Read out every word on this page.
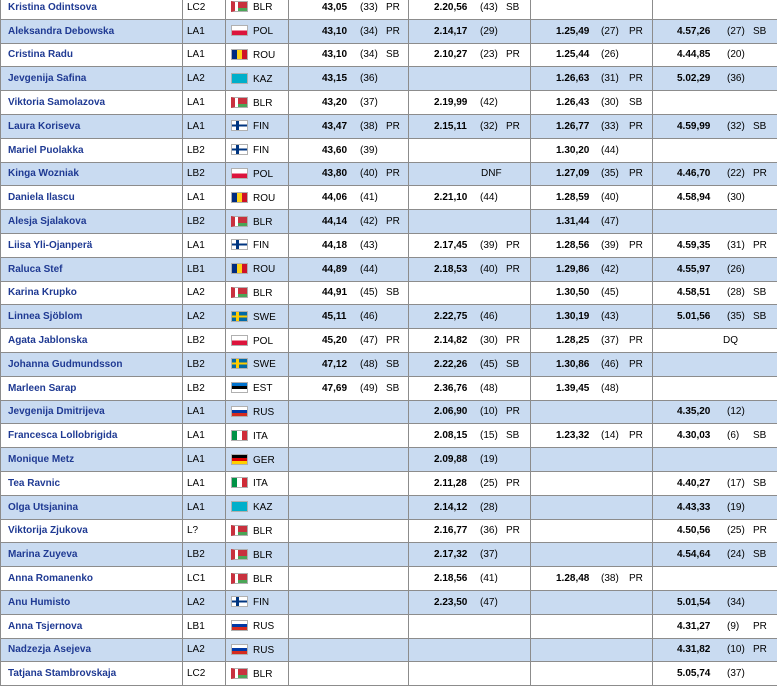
Kristina Odintsova	LC2	BLR	43,05 (33) PR	2.20,56 (43) SB		

Aleksandra Debowska	LA1	POL	43,10 (34) PR	2.14,17 (29)	1.25,49 (27) PR	4.57,26 (27) SB

Cristina Radu	LA1	ROU	43,10 (34) SB	2.10,27 (23) PR	1.25,44 (26)	4.44,85 (20)

Jevgenija Safina	LA2	KAZ	43,15 (36)		1.26,63 (31) PR	5.02,29 (36)

Viktoria Samolazova	LA1	BLR	43,20 (37)	2.19,99 (42)	1.26,43 (30) SB	

Laura Koriseva	LA1	FIN	43,47 (38) PR	2.15,11 (32) PR	1.26,77 (33) PR	4.59,99 (32) SB

Mariel Puolakka	LB2	FIN	43,60 (39)		1.30,20 (44)	

Kinga Wozniak	LB2	POL	43,80 (40) PR	DNF	1.27,09 (35) PR	4.46,70 (22) PR

Daniela Ilascu	LA1	ROU	44,06 (41)	2.21,10 (44)	1.28,59 (40)	4.58,94 (30)

Alesja Sjalakova	LB2	BLR	44,14 (42) PR		1.31,44 (47)	

Liisa Yli-Ojanperä	LA1	FIN	44,18 (43)	2.17,45 (39) PR	1.28,56 (39) PR	4.59,35 (31) PR

Raluca Stef	LB1	ROU	44,89 (44)	2.18,53 (40) PR	1.29,86 (42)	4.55,97 (26)

Karina Krupko	LA2	BLR	44,91 (45) SB		1.30,50 (45)	4.58,51 (28) SB

Linnea Sjöblom	LA2	SWE	45,11 (46)	2.22,75 (46)	1.30,19 (43)	5.01,56 (35) SB

Agata Jablonska	LB2	POL	45,20 (47) PR	2.14,82 (30) PR	1.28,25 (37) PR	DQ
Johanna Gudmundsson	LB2	SWE	47,12 (48) SB	2.22,26 (45) SB	1.30,86 (46) PR	

Marleen Sarap	LB2	EST	47,69 (49) SB	2.36,76 (48)	1.39,45 (48)	

Jevgenija Dmitrijeva	LA1	RUS		2.06,90 (10) PR		4.35,20 (12)

Francesca Lollobrigida	LA1	ITA		2.08,15 (15) SB	1.23,32 (14) PR	4.30,03 (6) SB

Monique Metz	LA1	GER		2.09,88 (19)		

Tea Ravnic	LA1	ITA		2.11,28 (25) PR		4.40,27 (17) SB

Olga Utsjanina	LA1	KAZ		2.14,12 (28)		4.43,33 (19)

Viktorija Zjukova	L?	BLR		2.16,77 (36) PR		4.50,56 (25) PR

Marina Zuyeva	LB2	BLR		2.17,32 (37)		4.54,64 (24) SB

Anna Romanenko	LC1	BLR		2.18,56 (41)	1.28,48 (38) PR	

Anu Humisto	LA2	FIN		2.23,50 (47)		5.01,54 (34)

Anna Tsjernova	LB1	RUS				4.31,27 (9) PR

Nadzezja Asejeva	LA2	RUS				4.31,82 (10) PR

Tatjana Stambrovskaja	LC2	BLR				5.05,74 (37)
